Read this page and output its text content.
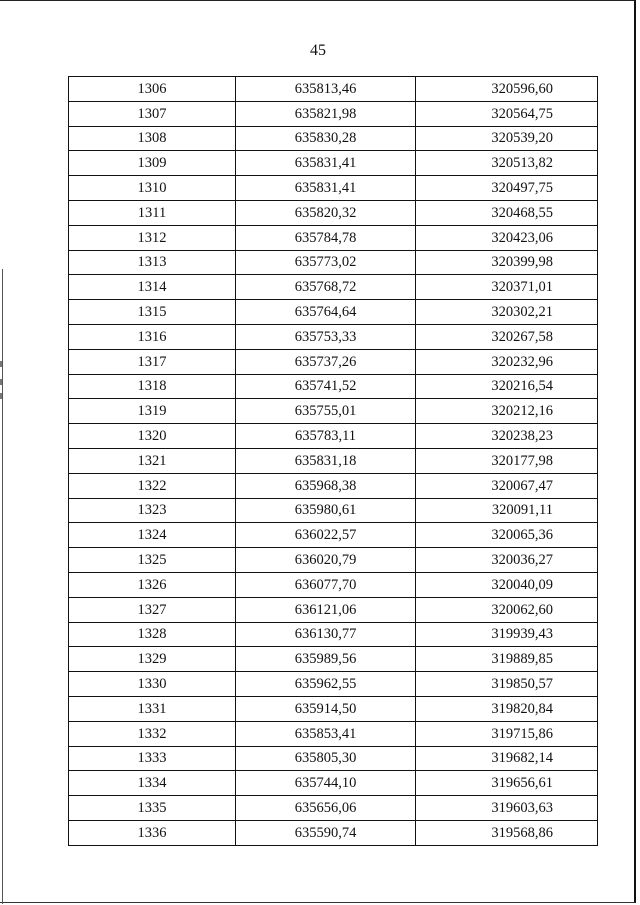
45
1306	635813,46	320596,60
1307	635821,98	320564,75
1308	635830,28	320539,20
1309	635831,41	320513,82
1310	635831,41	320497,75
1311	635820,32	320468,55
1312	635784,78	320423,06
1313	635773,02	320399,98
1314	635768,72	320371,01
1315	635764,64	320302,21
1316	635753,33	320267,58
1317	635737,26	320232,96
1318	635741,52	320216,54
1319	635755,01	320212,16
1320	635783,11	320238,23
1321	635831,18	320177,98
1322	635968,38	320067,47
1323	635980,61	320091,11
1324	636022,57	320065,36
1325	636020,79	320036,27
1326	636077,70	320040,09
1327	636121,06	320062,60
1328	636130,77	319939,43
1329	635989,56	319889,85
1330	635962,55	319850,57
1331	635914,50	319820,84
1332	635853,41	319715,86
1333	635805,30	319682,14
1334	635744,10	319656,61
1335	635656,06	319603,63
1336	635590,74	319568,86
